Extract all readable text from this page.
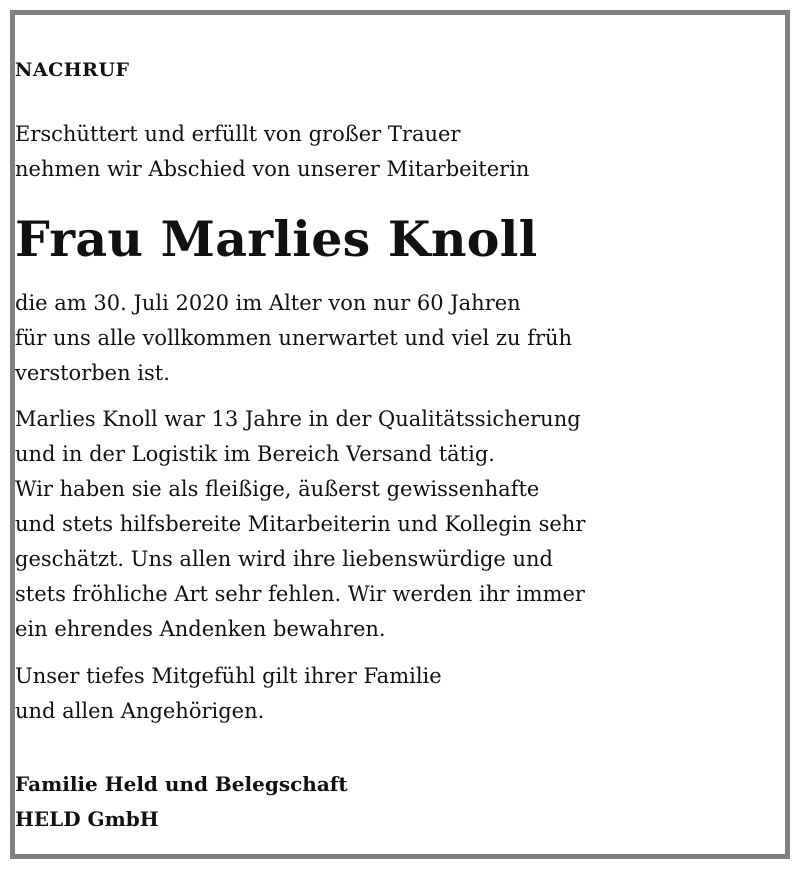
NACHRUF
Erschüttert und erfüllt von großer Trauer
nehmen wir Abschied von unserer Mitarbeiterin
Frau Marlies Knoll
die am 30. Juli 2020 im Alter von nur 60 Jahren
für uns alle vollkommen unerwartet und viel zu früh
verstorben ist.
Marlies Knoll war 13 Jahre in der Qualitätssicherung
und in der Logistik im Bereich Versand tätig.
Wir haben sie als fleißige, äußerst gewissenhafte
und stets hilfsbereite Mitarbeiterin und Kollegin sehr
geschätzt. Uns allen wird ihre liebenswürdige und
stets fröhliche Art sehr fehlen. Wir werden ihr immer
ein ehrendes Andenken bewahren.
Unser tiefes Mitgefühl gilt ihrer Familie
und allen Angehörigen.
Familie Held und Belegschaft
HELD GmbH
